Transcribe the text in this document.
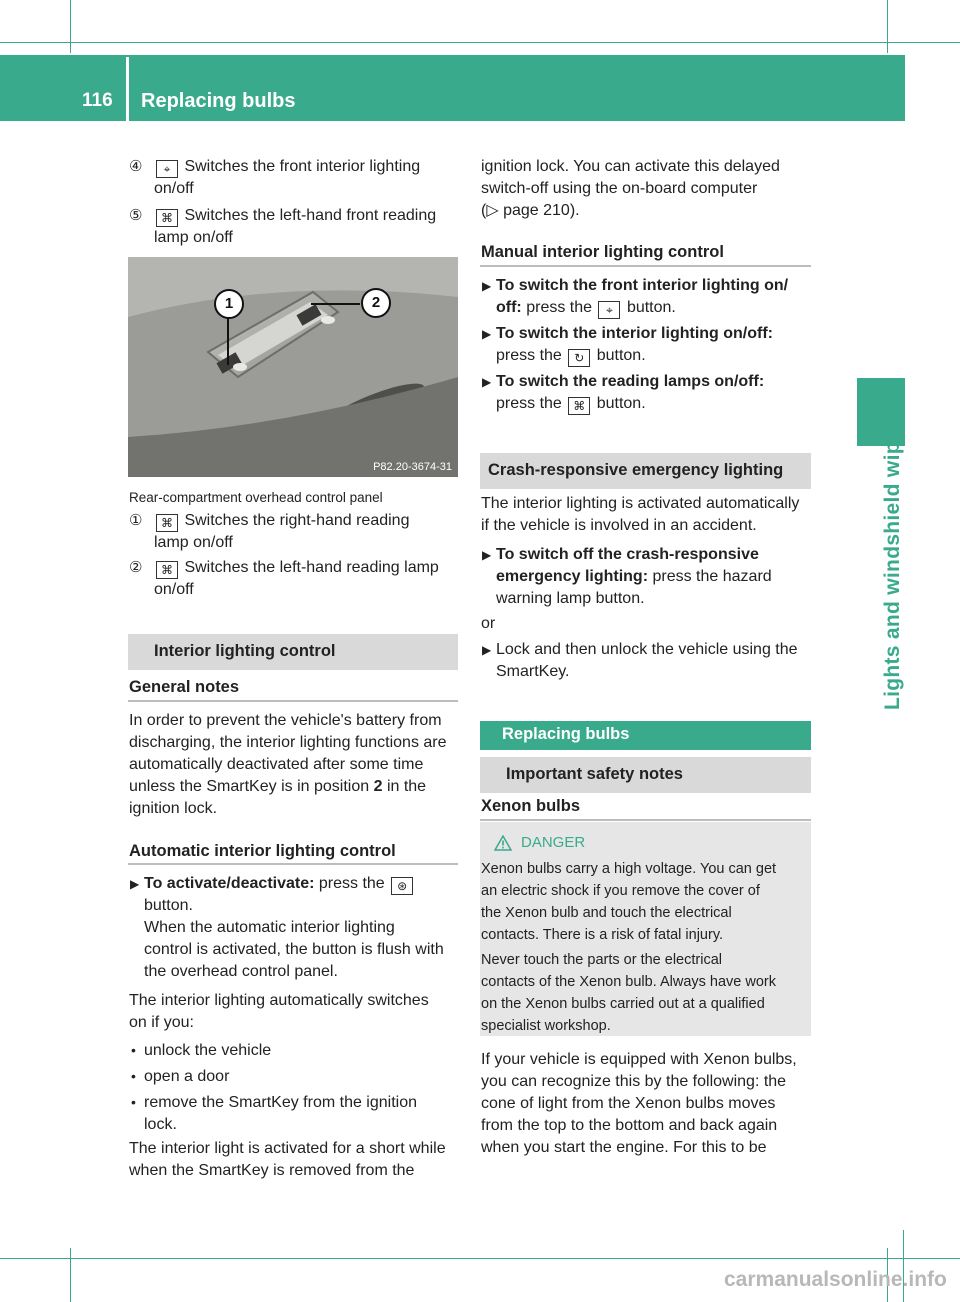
116 Replacing bulbs
Lights and windshield wipers
④	⌖ Switches the front interior lighting
on/off
⑤	⌘ Switches the left-hand front reading
lamp on/off
1	2
P82.20-3674-31
Rear-compartment overhead control panel
①	⌘ Switches the right-hand reading
lamp on/off
②	⌘ Switches the left-hand reading lamp
on/off
Interior lighting control
General notes
In order to prevent the vehicle's battery from
discharging, the interior lighting functions are
automatically deactivated after some time
unless the SmartKey is in position 2 in the
ignition lock.
Automatic interior lighting control
▶ To activate/deactivate: press the ⊛
button.
When the automatic interior lighting
control is activated, the button is flush with
the overhead control panel.
The interior lighting automatically switches
on if you:
• unlock the vehicle
• open a door
• remove the SmartKey from the ignition
lock.
The interior light is activated for a short while
when the SmartKey is removed from the
ignition lock. You can activate this delayed
switch-off using the on-board computer
(▷ page 210).
Manual interior lighting control
▶ To switch the front interior lighting on/
off: press the ⌖ button.
▶ To switch the interior lighting on/off:
press the ↻ button.
▶ To switch the reading lamps on/off:
press the ⌘ button.
Crash-responsive emergency lighting
The interior lighting is activated automatically
if the vehicle is involved in an accident.
▶ To switch off the crash-responsive
emergency lighting: press the hazard
warning lamp button.
or
▶ Lock and then unlock the vehicle using the
SmartKey.
Replacing bulbs
Important safety notes
Xenon bulbs
DANGER
Xenon bulbs carry a high voltage. You can get
an electric shock if you remove the cover of
the Xenon bulb and touch the electrical
contacts. There is a risk of fatal injury.
Never touch the parts or the electrical
contacts of the Xenon bulb. Always have work
on the Xenon bulbs carried out at a qualified
specialist workshop.
If your vehicle is equipped with Xenon bulbs,
you can recognize this by the following: the
cone of light from the Xenon bulbs moves
from the top to the bottom and back again
when you start the engine. For this to be
carmanualsonline.info
